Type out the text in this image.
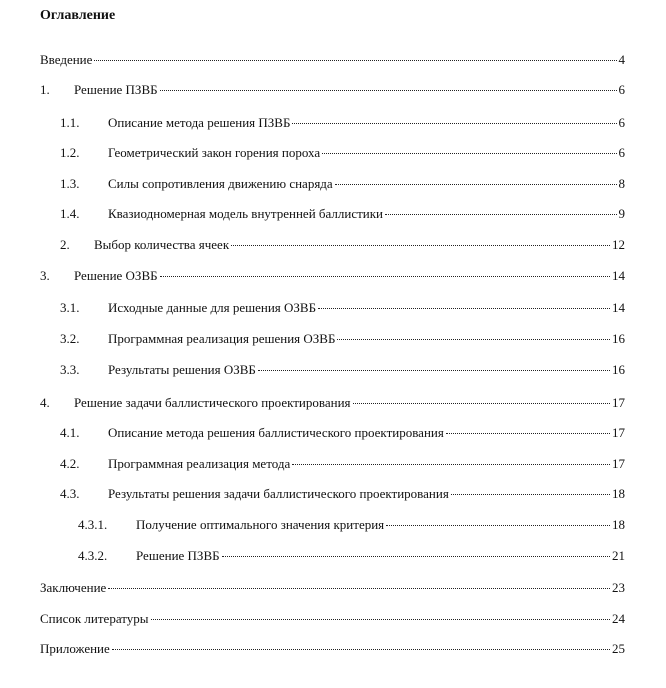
Оглавление
Введение	4
1. Решение ПЗВБ	6
1.1. Описание метода решения ПЗВБ	6
1.2. Геометрический закон горения пороха	6
1.3. Силы сопротивления движению снаряда	8
1.4. Квазиодномерная модель внутренней баллистики	9
2. Выбор количества ячеек	12
3. Решение ОЗВБ	14
3.1. Исходные данные для решения ОЗВБ	14
3.2. Программная реализация решения ОЗВБ	16
3.3. Результаты решения ОЗВБ	16
4. Решение задачи баллистического проектирования	17
4.1. Описание метода решения баллистического проектирования	17
4.2. Программная реализация метода	17
4.3. Результаты решения задачи баллистического проектирования	18
4.3.1. Получение оптимального значения критерия	18
4.3.2. Решение ПЗВБ	21
Заключение	23
Список литературы	24
Приложение	25
